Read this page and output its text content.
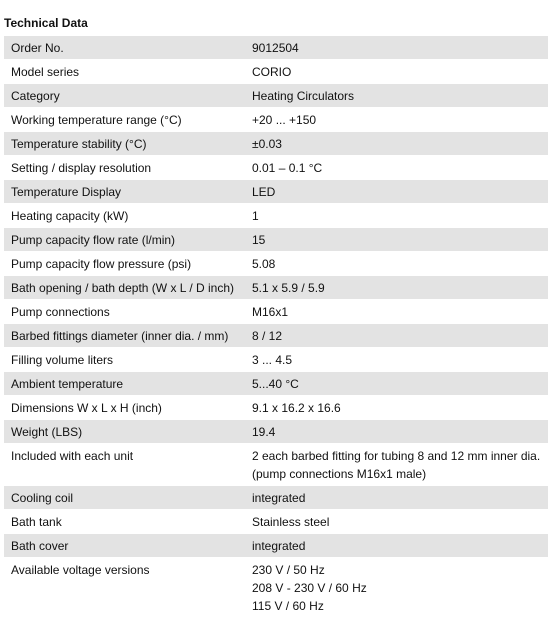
Technical Data
Order No.	9012504

Model series	CORIO

Category	Heating Circulators

Working temperature range (°C)	+20 ... +150

Temperature stability (°C)	±0.03

Setting / display resolution	0.01 – 0.1 °C

Temperature Display	LED

Heating capacity (kW)	1

Pump capacity flow rate (l/min)	15

Pump capacity flow pressure (psi)	5.08

Bath opening / bath depth (W x L / D inch)	5.1 x 5.9 / 5.9

Pump connections	M16x1

Barbed fittings diameter (inner dia. / mm)	8 / 12

Filling volume liters	3 ... 4.5

Ambient temperature	5...40 °C

Dimensions W x L x H (inch)	9.1 x 16.2 x 16.6

Weight (LBS)	19.4

Included with each unit	2 each barbed fitting for tubing 8 and 12 mm inner dia.
(pump connections M16x1 male)

Cooling coil	integrated

Bath tank	Stainless steel

Bath cover	integrated

Available voltage versions	230 V / 50 Hz
208 V - 230 V / 60 Hz
115 V / 60 Hz
